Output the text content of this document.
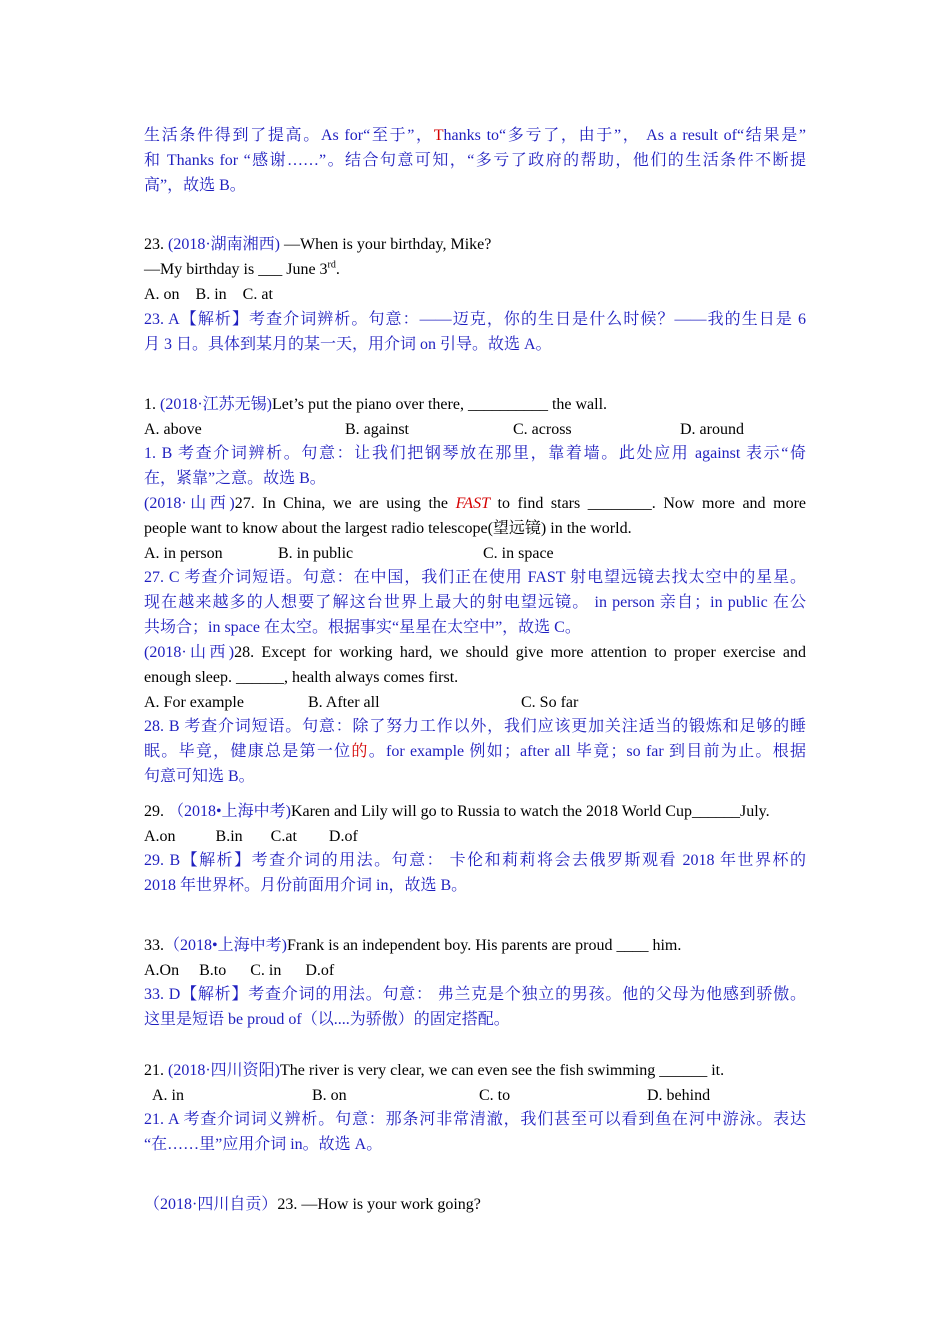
生活条件得到了提高。As for“至于”，Thanks to“多亏了，由于”， As a result of“结果是”
和 Thanks for “感谢……”。结合句意可知，“多亏了政府的帮助，他们的生活条件不断提
高”，故选 B。
23. (2018·湖南湘西) —When is your birthday, Mike?
—My birthday is ___ June 3rd.
A. on    B. in    C. at
23. A【解析】考查介词辨析。句意：——迈克，你的生日是什么时候？——我的生日是 6
月 3 日。具体到某月的某一天，用介词 on 引导。故选 A。
1. (2018·江苏无锡)Let’s put the piano over there, __________ the wall.
A. above	B. against	C. across	D. around
1. B 考查介词辨析。句意：让我们把钢琴放在那里，靠着墙。此处应用 against 表示“倚
在，紧靠”之意。故选 B。
(2018·山西)27. In China, we are using the FAST to find stars ________. Now more and more
people want to know about the largest radio telescope(望远镜) in the world.
A. in person	B. in public	C. in space
27. C 考查介词短语。句意：在中国，我们正在使用 FAST 射电望远镜去找太空中的星星。
现在越来越多的人想要了解这台世界上最大的射电望远镜。 in person 亲自；in public 在公
共场合；in space 在太空。根据事实“星星在太空中”，故选 C。
(2018·山西)28. Except for working hard, we should give more attention to proper exercise and
enough sleep. ______, health always comes first.
A. For example	B. After all	C. So far
28. B 考查介词短语。句意：除了努力工作以外，我们应该更加关注适当的锻炼和足够的睡
眠。毕竟，健康总是第一位的。for example 例如；after all 毕竟；so far 到目前为止。根据
句意可知选 B。
29. （2018•上海中考)Karen and Lily will go to Russia to watch the 2018 World Cup______July.
A.on          B.in       C.at        D.of
29. B【解析】考查介词的用法。句意： 卡伦和莉莉将会去俄罗斯观看 2018 年世界杯的
2018 年世界杯。月份前面用介词 in，故选 B。
33.（2018•上海中考)Frank is an independent boy. His parents are proud ____ him.
A.On     B.to      C. in      D.of
33. D【解析】考查介词的用法。句意： 弗兰克是个独立的男孩。他的父母为他感到骄傲。
这里是短语 be proud of（以....为骄傲）的固定搭配。
21. (2018·四川资阳)The river is very clear, we can even see the fish swimming ______ it.
A. in	B. on	C. to	D. behind
21. A 考查介词词义辨析。句意：那条河非常清澈，我们甚至可以看到鱼在河中游泳。表达
“在……里”应用介词 in。故选 A。
（2018·四川自贡）23. —How is your work going?
